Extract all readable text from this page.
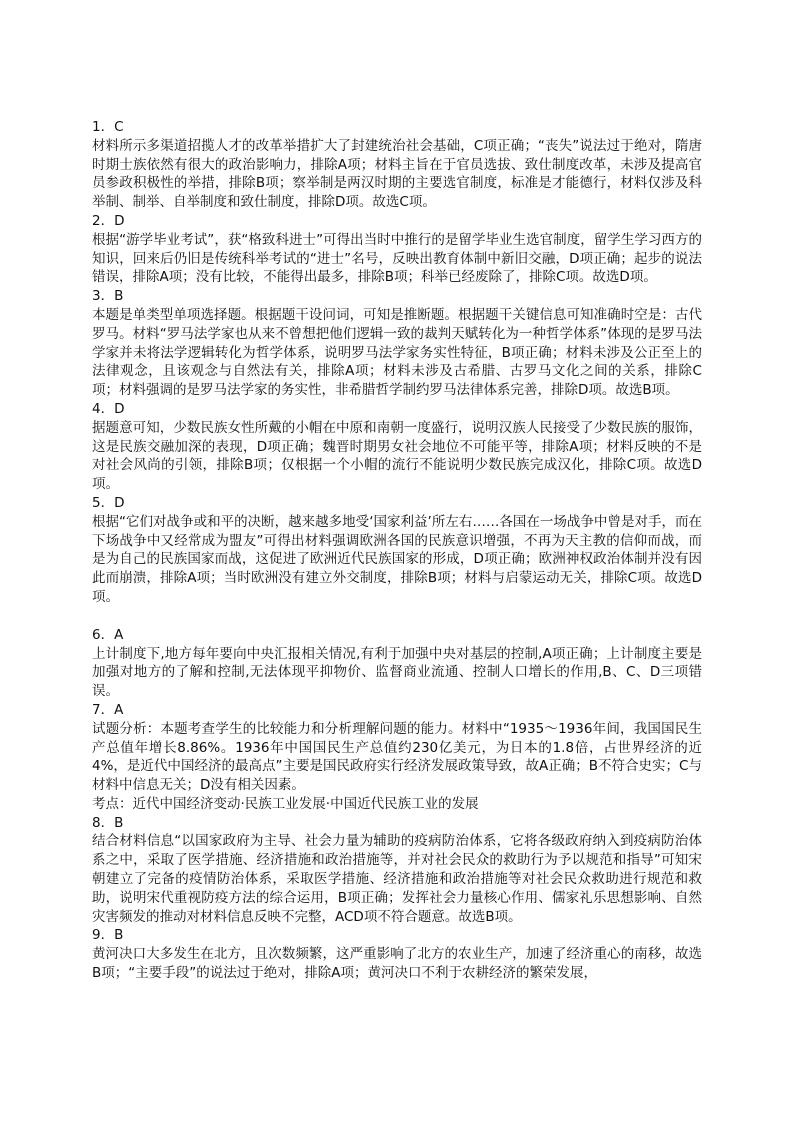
1．C
材料所示多渠道招揽人才的改革举措扩大了封建统治社会基础，C项正确；“丧失”说法过于绝对，隋唐时期士族依然有很大的政治影响力，排除A项；材料主旨在于官员选拔、致仕制度改革，未涉及提高官员参政积极性的举措，排除B项；察举制是两汉时期的主要选官制度，标准是才能德行，材料仅涉及科举制、制举、自举制度和致仕制度，排除D项。故选C项。
2．D
根据“游学毕业考试”，获“格致科进士”可得出当时中推行的是留学毕业生选官制度，留学生学习西方的知识，回来后仍旧是传统科举考试的“进士”名号，反映出教育体制中新旧交融，D项正确；起步的说法错误，排除A项；没有比较，不能得出最多，排除B项；科举已经废除了，排除C项。故选D项。
3．B
本题是单类型单项选择题。根据题干设问词，可知是推断题。根据题干关键信息可知准确时空是：古代罗马。材料“罗马法学家也从来不曾想把他们逻辑一致的裁判天赋转化为一种哲学体系”体现的是罗马法学家并未将法学逻辑转化为哲学体系，说明罗马法学家务实性特征，B项正确；材料未涉及公正至上的法律观念，且该观念与自然法有关，排除A项；材料未涉及古希腊、古罗马文化之间的关系，排除C项；材料强调的是罗马法学家的务实性，非希腊哲学制约罗马法律体系完善，排除D项。故选B项。
4．D
据题意可知，少数民族女性所戴的小帽在中原和南朝一度盛行，说明汉族人民接受了少数民族的服饰，这是民族交融加深的表现，D项正确；魏晋时期男女社会地位不可能平等，排除A项；材料反映的不是对社会风尚的引领，排除B项；仅根据一个小帽的流行不能说明少数民族完成汉化，排除C项。故选D项。
5．D
根据“它们对战争或和平的决断，越来越多地受‘国家利益’所左右……各国在一场战争中曾是对手，而在下场战争中又经常成为盟友”可得出材料强调欧洲各国的民族意识增强，不再为天主教的信仰而战，而是为自己的民族国家而战，这促进了欧洲近代民族国家的形成，D项正确；欧洲神权政治体制并没有因此而崩溃，排除A项；当时欧洲没有建立外交制度，排除B项；材料与启蒙运动无关，排除C项。故选D项。
6．A
上计制度下,地方每年要向中央汇报相关情况,有利于加强中央对基层的控制,A项正确；上计制度主要是加强对地方的了解和控制,无法体现平抑物价、监督商业流通、控制人口增长的作用,B、C、D三项错误。
7．A
试题分析：本题考查学生的比较能力和分析理解问题的能力。材料中“1935～1936年间，我国国民生产总值年增长8.86%。1936年中国国民生产总值约230亿美元，为日本的1.8倍，占世界经济的近4%，是近代中国经济的最高点”主要是国民政府实行经济发展政策导致，故A正确；B不符合史实；C与材料中信息无关；D没有相关因素。
考点：近代中国经济变动·民族工业发展·中国近代民族工业的发展
8．B
结合材料信息“以国家政府为主导、社会力量为辅助的疫病防治体系，它将各级政府纳入到疫病防治体系之中，采取了医学措施、经济措施和政治措施等，并对社会民众的救助行为予以规范和指导”可知宋朝建立了完备的疫情防治体系，采取医学措施、经济措施和政治措施等对社会民众救助进行规范和救助，说明宋代重视防疫方法的综合运用，B项正确；发挥社会力量核心作用、儒家礼乐思想影响、自然灾害频发的推动对材料信息反映不完整，ACD项不符合题意。故选B项。
9．B
黄河决口大多发生在北方，且次数频繁，这严重影响了北方的农业生产，加速了经济重心的南移，故选B项；“主要手段”的说法过于绝对，排除A项；黄河决口不利于农耕经济的繁荣发展，
